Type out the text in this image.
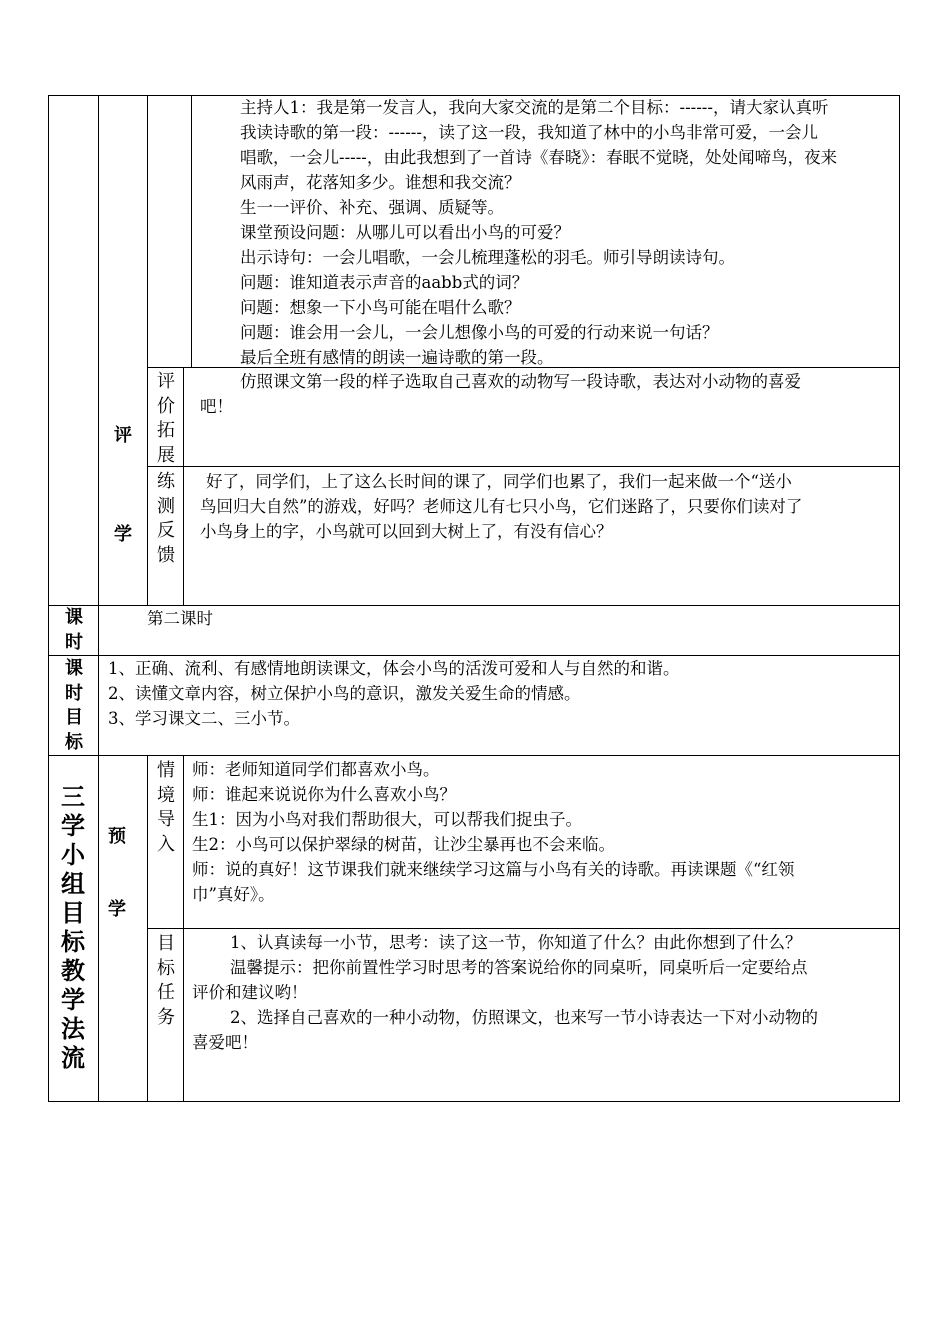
主持人1：我是第一发言人，我向大家交流的是第二个目标：------，请大家认真听

我读诗歌的第一段：------，读了这一段，我知道了林中的小鸟非常可爱，一会儿

唱歌，一会儿-----，由此我想到了一首诗《春晓》：春眠不觉晓，处处闻啼鸟，夜来

风雨声，花落知多少。谁想和我交流？

生一一评价、补充、强调、质疑等。

课堂预设问题：从哪儿可以看出小鸟的可爱？

出示诗句：一会儿唱歌，一会儿梳理蓬松的羽毛。师引导朗读诗句。

问题：谁知道表示声音的aabb式的词？

问题：想象一下小鸟可能在唱什么歌？

问题：谁会用一会儿，一会儿想像小鸟的可爱的行动来说一句话？

最后全班有感情的朗读一遍诗歌的第一段。

评
学
评
价
拓
展

仿照课文第一段的样子选取自己喜欢的动物写一段诗歌，表达对小动物的喜爱

吧！

练
测
反
馈

好了，同学们，上了这么长时间的课了，同学们也累了，我们一起来做一个“送小

鸟回归大自然”的游戏，好吗？老师这儿有七只小鸟，它们迷路了，只要你们读对了

小鸟身上的字，小鸟就可以回到大树上了，有没有信心？

课
时
第二课时
课
时
目
标

1、正确、流利、有感情地朗读课文，体会小鸟的活泼可爱和人与自然的和谐。

2、读懂文章内容，树立保护小鸟的意识，激发关爱生命的情感。

3、学习课文二、三小节。

三
学
小
组
目
标
教
学
法
流
预
学
情
境
导
入

师：老师知道同学们都喜欢小鸟。

师：谁起来说说你为什么喜欢小鸟？

生1：因为小鸟对我们帮助很大，可以帮我们捉虫子。

生2：小鸟可以保护翠绿的树苗，让沙尘暴再也不会来临。

师：说的真好！这节课我们就来继续学习这篇与小鸟有关的诗歌。再读课题《“红领

巾”真好》。

目
标
任
务

1、认真读每一小节，思考：读了这一节，你知道了什么？由此你想到了什么？

温馨提示：把你前置性学习时思考的答案说给你的同桌听，同桌听后一定要给点

评价和建议哟！

2、选择自己喜欢的一种小动物，仿照课文，也来写一节小诗表达一下对小动物的

喜爱吧！
